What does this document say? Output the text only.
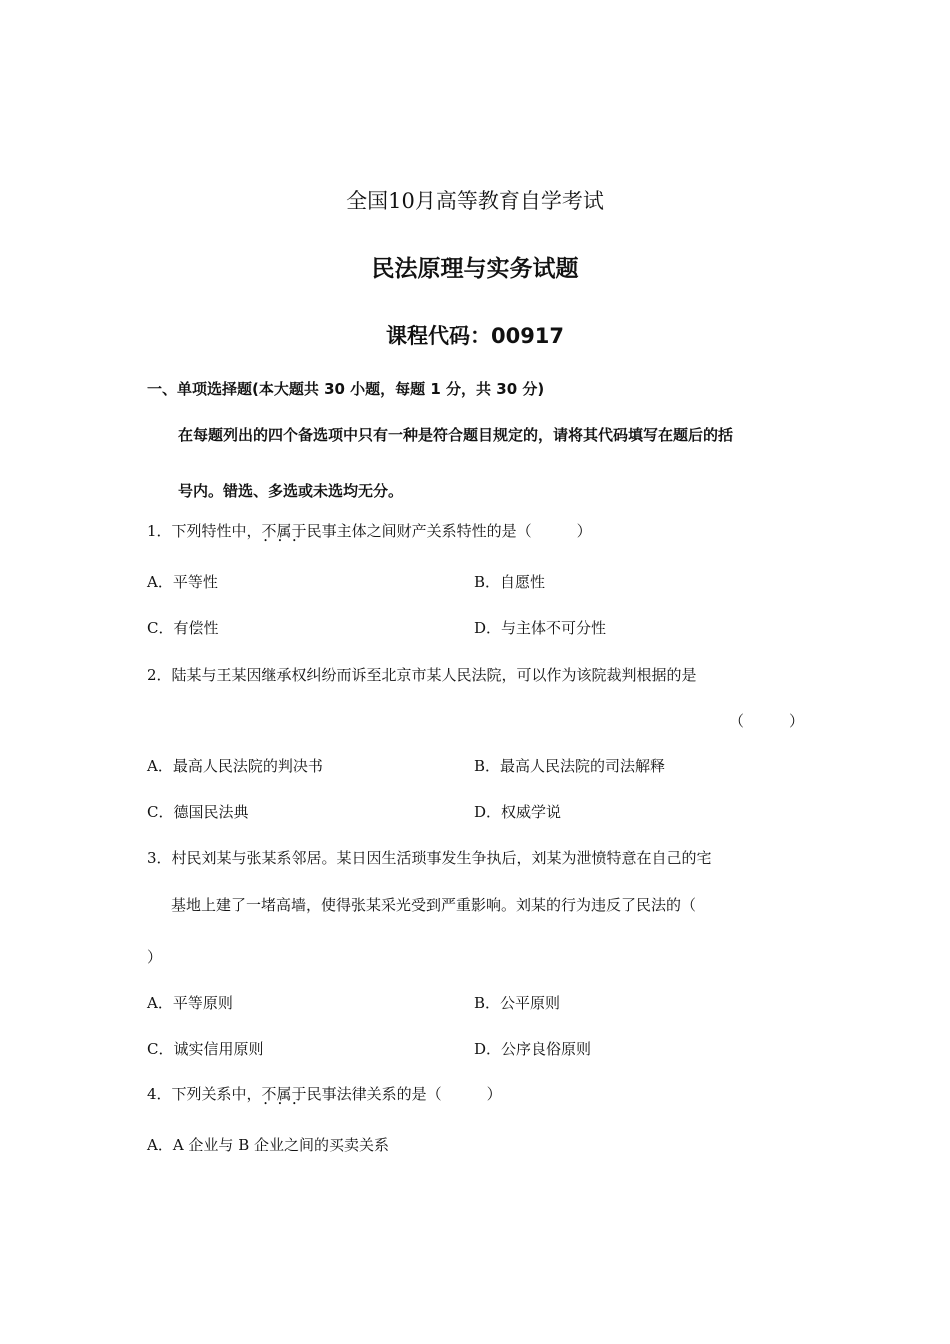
全国10月高等教育自学考试
民法原理与实务试题
课程代码：00917
一、单项选择题(本大题共 30 小题，每题 1 分，共 30 分)
在每题列出的四个备选项中只有一种是符合题目规定的，请将其代码填写在题后的括
号内。错选、多选或未选均无分。
1．下列特性中，不属于 • • •民事主体之间财产关系特性的是（　　　）
A．平等性	B．自愿性
C．有偿性	D．与主体不可分性
2．陆某与王某因继承权纠纷而诉至北京市某人民法院，可以作为该院裁判根据的是
（　　　）
A．最高人民法院的判决书	B．最高人民法院的司法解释
C．德国民法典	D．权威学说
3．村民刘某与张某系邻居。某日因生活琐事发生争执后，刘某为泄愤特意在自己的宅
基地上建了一堵高墙，使得张某采光受到严重影响。刘某的行为违反了民法的（
）
A．平等原则	B．公平原则
C．诚实信用原则	D．公序良俗原则
4．下列关系中，不属于 • • •民事法律关系的是（　　　）
A．A 企业与 B 企业之间的买卖关系
